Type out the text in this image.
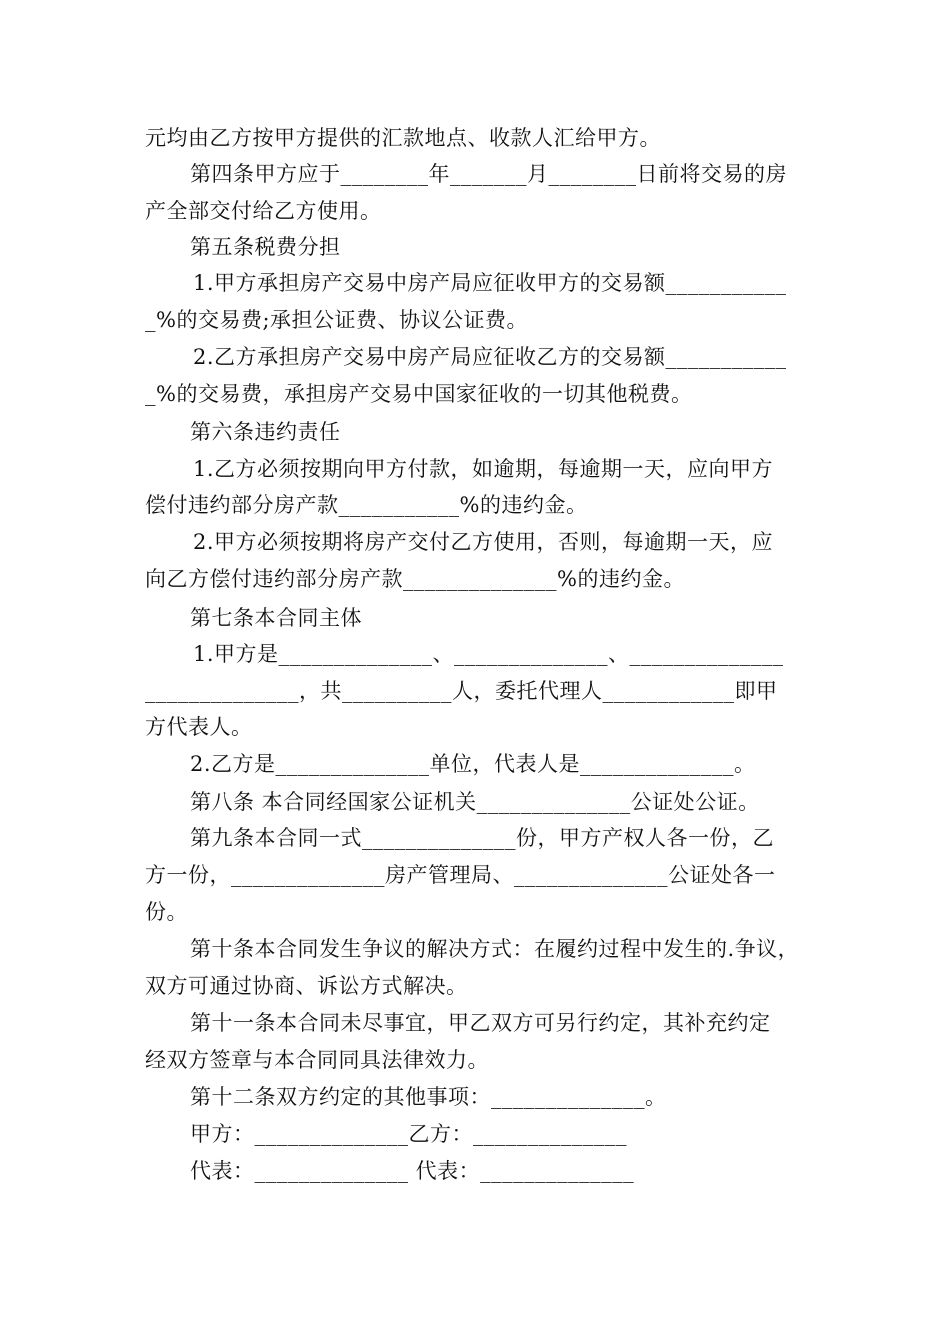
元均由乙方按甲方提供的汇款地点、收款人汇给甲方。
第四条甲方应于________年_______月________日前将交易的房
产全部交付给乙方使用。
第五条税费分担
1.甲方承担房产交易中房产局应征收甲方的交易额___________
_%的交易费;承担公证费、协议公证费。
2.乙方承担房产交易中房产局应征收乙方的交易额___________
_%的交易费，承担房产交易中国家征收的一切其他税费。
第六条违约责任
1.乙方必须按期向甲方付款，如逾期，每逾期一天，应向甲方
偿付违约部分房产款___________%的违约金。
2.甲方必须按期将房产交付乙方使用，否则，每逾期一天，应
向乙方偿付违约部分房产款______________%的违约金。
第七条本合同主体
1.甲方是______________、______________、______________
______________，共__________人，委托代理人____________即甲
方代表人。
2.乙方是______________单位，代表人是______________。
第八条 本合同经国家公证机关______________公证处公证。
第九条本合同一式______________份，甲方产权人各一份，乙
方一份，______________房产管理局、______________公证处各一
份。
第十条本合同发生争议的解决方式：在履约过程中发生的.争议，
双方可通过协商、诉讼方式解决。
第十一条本合同未尽事宜，甲乙双方可另行约定，其补充约定
经双方签章与本合同同具法律效力。
第十二条双方约定的其他事项：______________。
甲方：______________乙方：______________
代表：______________ 代表：______________
